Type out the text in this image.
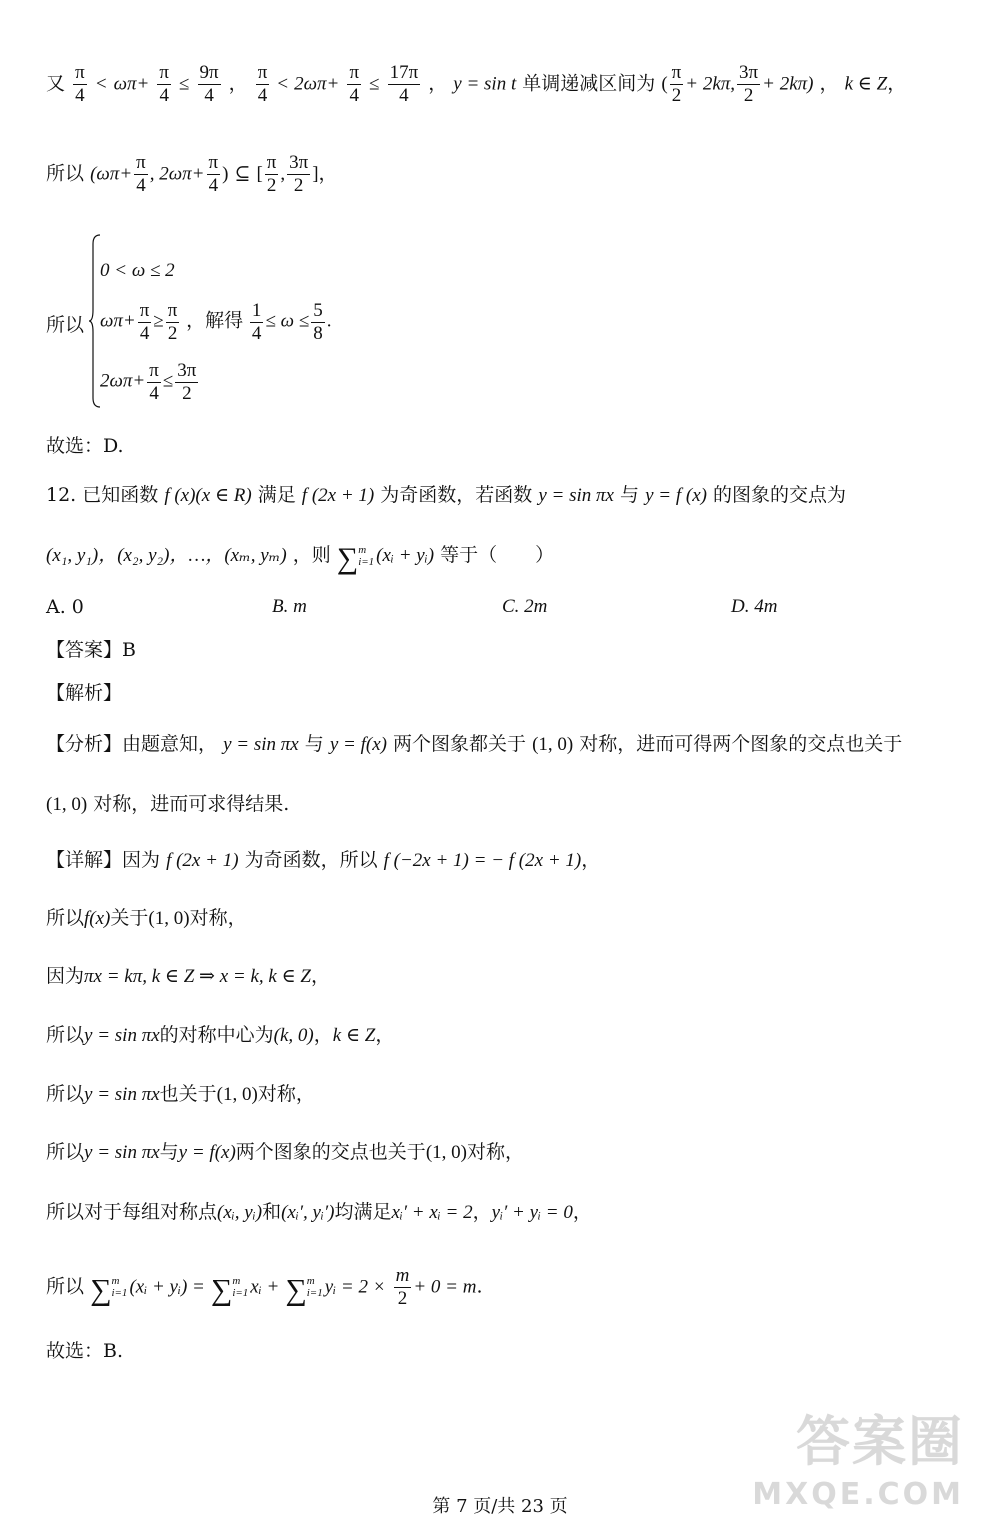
又 $\frac{\pi}{4} < \omega\pi+ \frac{\pi}{4} \le \frac{9\pi}{4}$ ， $\frac{\pi}{4} < 2\omega\pi+ \frac{\pi}{4} \le \frac{17\pi}{4}$ ， y = sin t 单调递减区间为 ( $\frac{\pi}{2} + 2k\pi$, $\frac{3\pi}{2} + 2k\pi$) ， k ∈ Z，
所以 ($\omega\pi+ \frac{\pi}{4}$ , $2\omega\pi+ \frac{\pi}{4}$ ) ⊆ [ $\frac{\pi}{2}$ , $\frac{3\pi}{2}$ ]，
所以
0 < ω ≤ 2
$\omega\pi+ \frac{\pi}{4} \ge \frac{\pi}{2}$ ，解得 $\frac{1}{4} \le \omega \le \frac{5}{8}$ .
$2\omega\pi+ \frac{\pi}{4} \le \frac{3\pi}{2}$
故选：D.
12. 已知函数 f (x)(x ∈ R) 满足 f (2x + 1) 为奇函数，若函数 y = sin πx 与 y = f (x) 的图象的交点为
(x₁, y₁)，(x₂, y₂)，…，(xₘ, yₘ) ，则 ∑ m
i=1 (xᵢ + yᵢ) 等于（　　）
A. 0	B. m	C. 2m	D. 4m
【答案】B
【解析】
【分析】由题意知， y = sin πx 与 y = f(x) 两个图象都关于 (1, 0) 对称，进而可得两个图象的交点也关于
(1, 0) 对称，进而可求得结果.
【详解】因为 f (2x + 1) 为奇函数，所以 f (−2x + 1) = − f (2x + 1)，
所以f(x)关于(1, 0)对称，
因为πx = kπ, k ∈ Z ⇒ x = k, k ∈ Z，
所以y = sin πx的对称中心为(k, 0)，k ∈ Z，
所以y = sin πx也关于(1, 0)对称，
所以y = sin πx与y = f(x)两个图象的交点也关于(1, 0)对称，
所以对于每组对称点(xᵢ, yᵢ)和(xᵢ′, yᵢ′)均满足xᵢ′ + xᵢ = 2，yᵢ′ + yᵢ = 0，
所以 ∑ m
i=1 (xᵢ + yᵢ) = ∑ m
i=1 xᵢ + ∑ m
i=1 yᵢ = $2 \times \frac{m}{2} + 0 = m$.
故选：B.
答案圈
MXQE.COM
第 7 页/共 23 页
